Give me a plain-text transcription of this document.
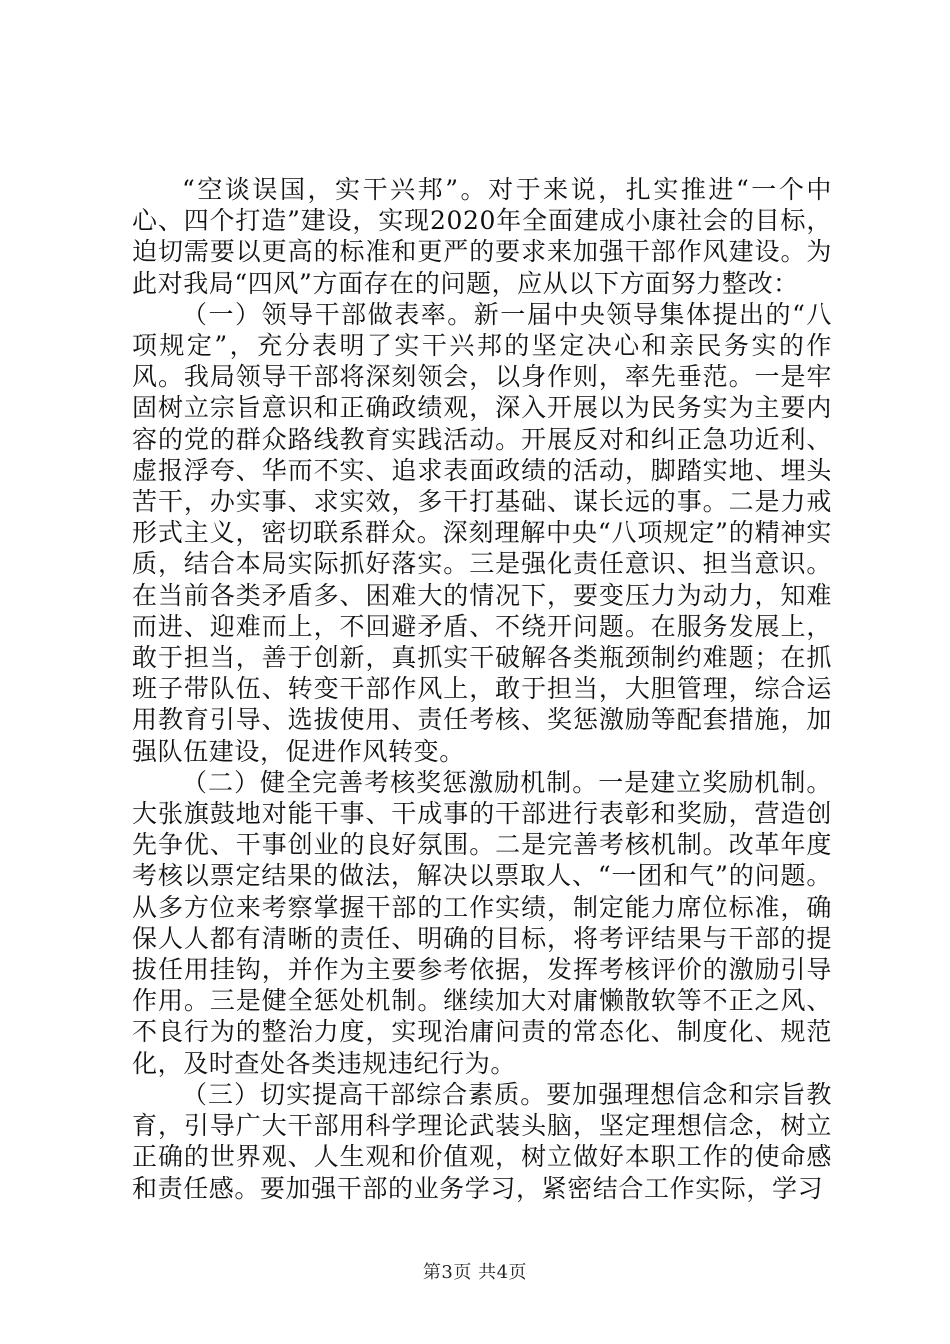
“空谈误国，实干兴邦”。对于来说，扎实推进“一个中心、四个打造”建设，实现2020年全面建成小康社会的目标，迫切需要以更高的标准和更严的要求来加强干部作风建设。为此对我局“四风”方面存在的问题，应从以下方面努力整改：

（一）领导干部做表率。新一届中央领导集体提出的“八项规定”，充分表明了实干兴邦的坚定决心和亲民务实的作风。我局领导干部将深刻领会，以身作则，率先垂范。一是牢固树立宗旨意识和正确政绩观，深入开展以为民务实为主要内容的党的群众路线教育实践活动。开展反对和纠正急功近利、虚报浮夸、华而不实、追求表面政绩的活动，脚踏实地、埋头苦干，办实事、求实效，多干打基础、谋长远的事。二是力戒形式主义，密切联系群众。深刻理解中央“八项规定”的精神实质，结合本局实际抓好落实。三是强化责任意识、担当意识。在当前各类矛盾多、困难大的情况下，要变压力为动力，知难而进、迎难而上，不回避矛盾、不绕开问题。在服务发展上，敢于担当，善于创新，真抓实干破解各类瓶颈制约难题；在抓班子带队伍、转变干部作风上，敢于担当，大胆管理，综合运用教育引导、选拔使用、责任考核、奖惩激励等配套措施，加强队伍建设，促进作风转变。

（二）健全完善考核奖惩激励机制。一是建立奖励机制。大张旗鼓地对能干事、干成事的干部进行表彰和奖励，营造创先争优、干事创业的良好氛围。二是完善考核机制。改革年度考核以票定结果的做法，解决以票取人、“一团和气”的问题。从多方位来考察掌握干部的工作实绩，制定能力席位标准，确保人人都有清晰的责任、明确的目标，将考评结果与干部的提拔任用挂钩，并作为主要参考依据，发挥考核评价的激励引导作用。三是健全惩处机制。继续加大对庸懒散软等不正之风、不良行为的整治力度，实现治庸问责的常态化、制度化、规范化，及时查处各类违规违纪行为。

（三）切实提高干部综合素质。要加强理想信念和宗旨教育，引导广大干部用科学理论武装头脑，坚定理想信念，树立正确的世界观、人生观和价值观，树立做好本职工作的使命感和责任感。要加强干部的业务学习，紧密结合工作实际，学习

第3页 共4页
